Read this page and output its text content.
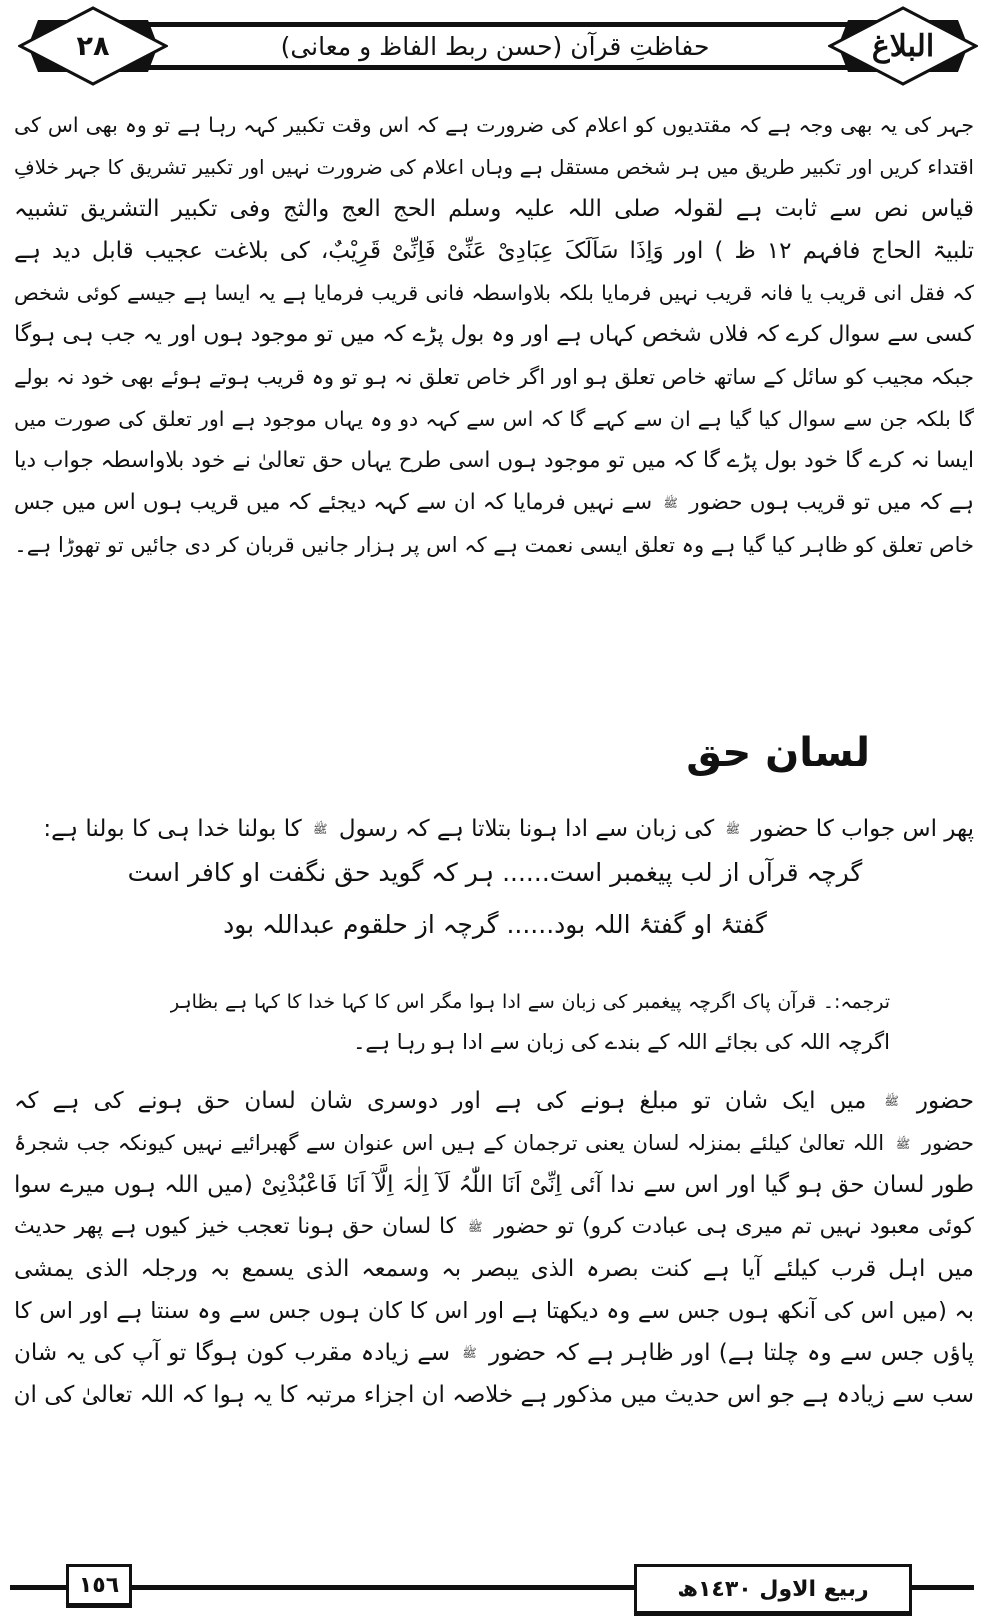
حفاظتِ قرآن (حسن ربط الفاظ و معانی)
٢٨	البلاغ
جہر کی یہ بھی وجہ ہے کہ مقتدیوں کو اعلام کی ضرورت ہے کہ اس وقت تکبیر کہہ رہا ہے تو وہ بھی اس کی
اقتداء کریں اور تکبیر طریق میں ہر شخص مستقل ہے وہاں اعلام کی ضرورت نہیں اور تکبیر تشریق کا جہر خلافِ
قیاس نص سے ثابت ہے لقولہ صلی اللہ علیہ وسلم الحج العج والثج وفی تکبیر التشریق تشبیہ
تلبیۃ الحاج فافہم ۱۲ ظ ) اور وَاِذَا سَاَلَکَ عِبَادِیْ عَنِّیْ فَاِنِّیْ قَرِیْبٌ، کی بلاغت عجیب قابل دید ہے
کہ فقل انی قریب یا فانہ قریب نہیں فرمایا بلکہ بلاواسطہ فانی قریب فرمایا ہے یہ ایسا ہے جیسے کوئی شخص
کسی سے سوال کرے کہ فلاں شخص کہاں ہے اور وہ بول پڑے کہ میں تو موجود ہوں اور یہ جب ہی ہوگا
جبکہ مجیب کو سائل کے ساتھ خاص تعلق ہو اور اگر خاص تعلق نہ ہو تو وہ قریب ہوتے ہوئے بھی خود نہ بولے
گا بلکہ جن سے سوال کیا گیا ہے ان سے کہے گا کہ اس سے کہہ دو وہ یہاں موجود ہے اور تعلق کی صورت میں
ایسا نہ کرے گا خود بول پڑے گا کہ میں تو موجود ہوں اسی طرح یہاں حق تعالیٰ نے خود بلاواسطہ جواب دیا
ہے کہ میں تو قریب ہوں حضور ﷺ سے نہیں فرمایا کہ ان سے کہہ دیجئے کہ میں قریب ہوں اس میں جس
خاص تعلق کو ظاہر کیا گیا ہے وہ تعلق ایسی نعمت ہے کہ اس پر ہزار جانیں قربان کر دی جائیں تو تھوڑا ہے۔
لسان حق
پھر اس جواب کا حضور ﷺ کی زبان سے ادا ہونا بتلاتا ہے کہ رسول ﷺ کا بولنا خدا ہی کا بولنا ہے:
گرچہ قرآں از لب پیغمبر است...... ہر کہ گوید حق نگفت او کافر است
گفتۂ او گفتۂ اللہ بود...... گرچہ از حلقوم عبداللہ بود
ترجمہ:۔ قرآن پاک اگرچہ پیغمبر کی زبان سے ادا ہوا مگر اس کا کہا خدا کا کہا ہے بظاہر
اگرچہ اللہ کی بجائے اللہ کے بندے کی زبان سے ادا ہو رہا ہے۔
حضور ﷺ میں ایک شان تو مبلغ ہونے کی ہے اور دوسری شان لسان حق ہونے کی ہے کہ
حضور ﷺ اللہ تعالیٰ کیلئے بمنزلہ لسان یعنی ترجمان کے ہیں اس عنوان سے گھبرائیے نہیں کیونکہ جب شجرۂ
طور لسان حق ہو گیا اور اس سے ندا آئی اِنِّیْ اَنَا اللّٰہُ لَآ اِلٰہَ اِلَّآ اَنَا فَاعْبُدْنِیْ (میں اللہ ہوں میرے سوا
کوئی معبود نہیں تم میری ہی عبادت کرو) تو حضور ﷺ کا لسان حق ہونا تعجب خیز کیوں ہے پھر حدیث
میں اہل قرب کیلئے آیا ہے کنت بصرہ الذی یبصر بہ وسمعہ الذی یسمع بہ ورجلہ الذی یمشی
بہ (میں اس کی آنکھ ہوں جس سے وہ دیکھتا ہے اور اس کا کان ہوں جس سے وہ سنتا ہے اور اس کا
پاؤں جس سے وہ چلتا ہے) اور ظاہر ہے کہ حضور ﷺ سے زیادہ مقرب کون ہوگا تو آپ کی یہ شان
سب سے زیادہ ہے جو اس حدیث میں مذکور ہے خلاصہ ان اجزاء مرتبہ کا یہ ہوا کہ اللہ تعالیٰ کی ان
١٥٦	ربیع الاول ١٤٣٠ھ
